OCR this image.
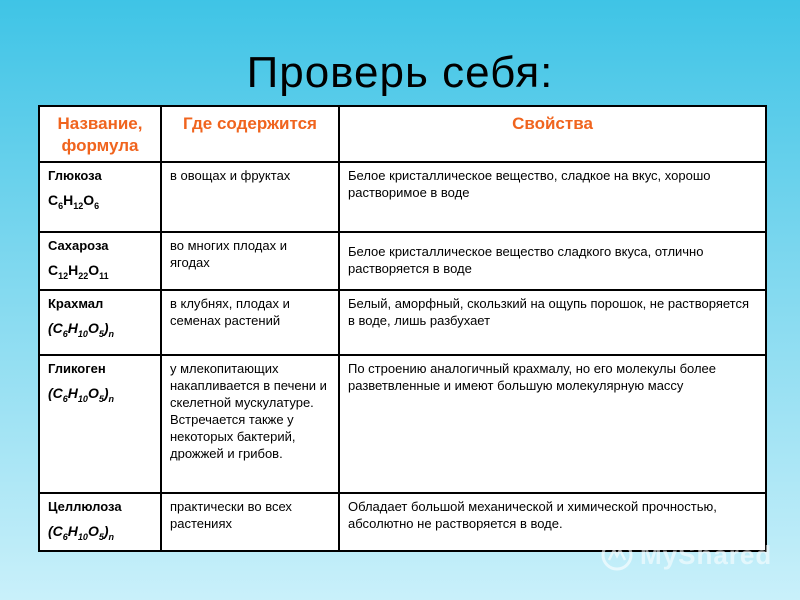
Проверь себя:
Название,
формула	Где содержится	Свойства

Глюкоза
$C_6H_{12}O_6$	в овощах и фруктах	Белое кристаллическое вещество, сладкое на вкус, хорошо растворимое в воде

Сахароза
$C_{12}H_{22}O_{11}$	во многих плодах и ягодах	Белое кристаллическое вещество сладкого вкуса, отлично растворяется в воде

Крахмал
$(C_6H_{10}O_5)_n$	в клубнях, плодах и семенах растений	Белый, аморфный, скользкий на ощупь порошок, не растворяется в воде, лишь разбухает

Гликоген
$(C_6H_{10}O_5)_n$	у млекопитающих накапливается в печени и скелетной мускулатуре. Встречается также у некоторых бактерий, дрожжей и грибов.	По строению аналогичный крахмалу, но его молекулы более разветвленные и имеют большую молекулярную массу

Целлюлоза
$(C_6H_{10}O_5)_n$	практически во всех растениях	Обладает большой механической и химической прочностью, абсолютно не растворяется в воде.
MyShared
